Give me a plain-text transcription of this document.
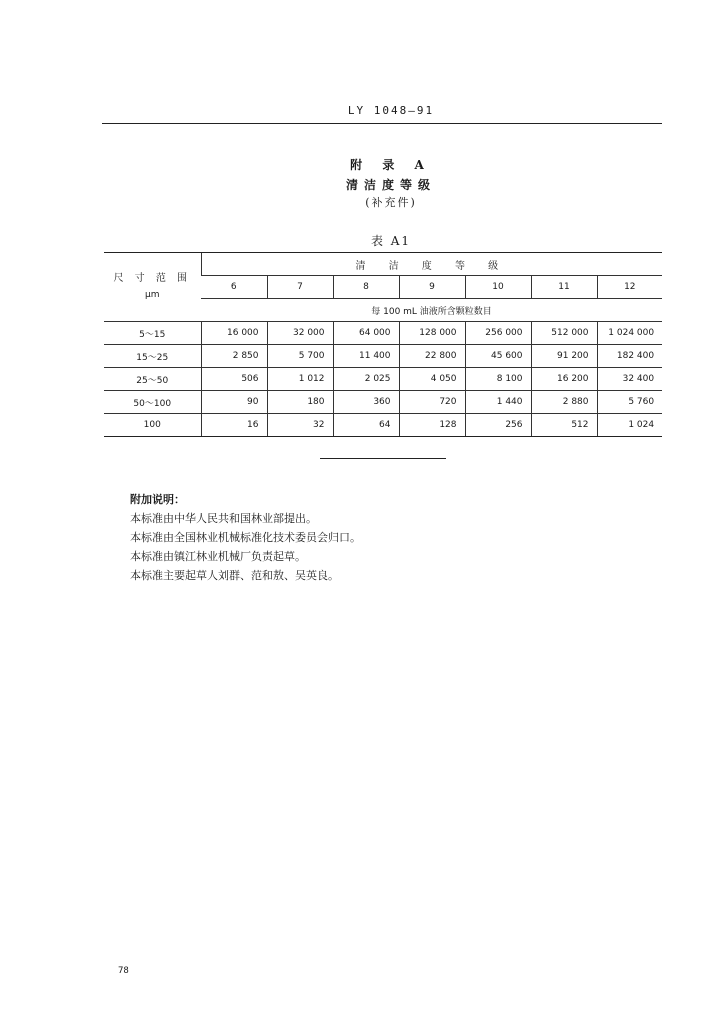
LY 1048—91
附 录 A
清洁度等级
(补充件)
表 A1
尺 寸 范 围
μm	清 洁 度 等 级						
	6	7	8	9	10	11	12
	每 100 mL 油液所含颗粒数目						
5～15	16 000	32 000	64 000	128 000	256 000	512 000	1 024 000
15～25	2 850	5 700	11 400	22 800	45 600	91 200	182 400
25～50	506	1 012	2 025	4 050	8 100	16 200	32 400
50～100	90	180	360	720	1 440	2 880	5 760
100	16	32	64	128	256	512	1 024
附加说明：
本标准由中华人民共和国林业部提出。
本标准由全国林业机械标准化技术委员会归口。
本标准由镇江林业机械厂负责起草。
本标准主要起草人刘群、范和敖、吴英良。
78
